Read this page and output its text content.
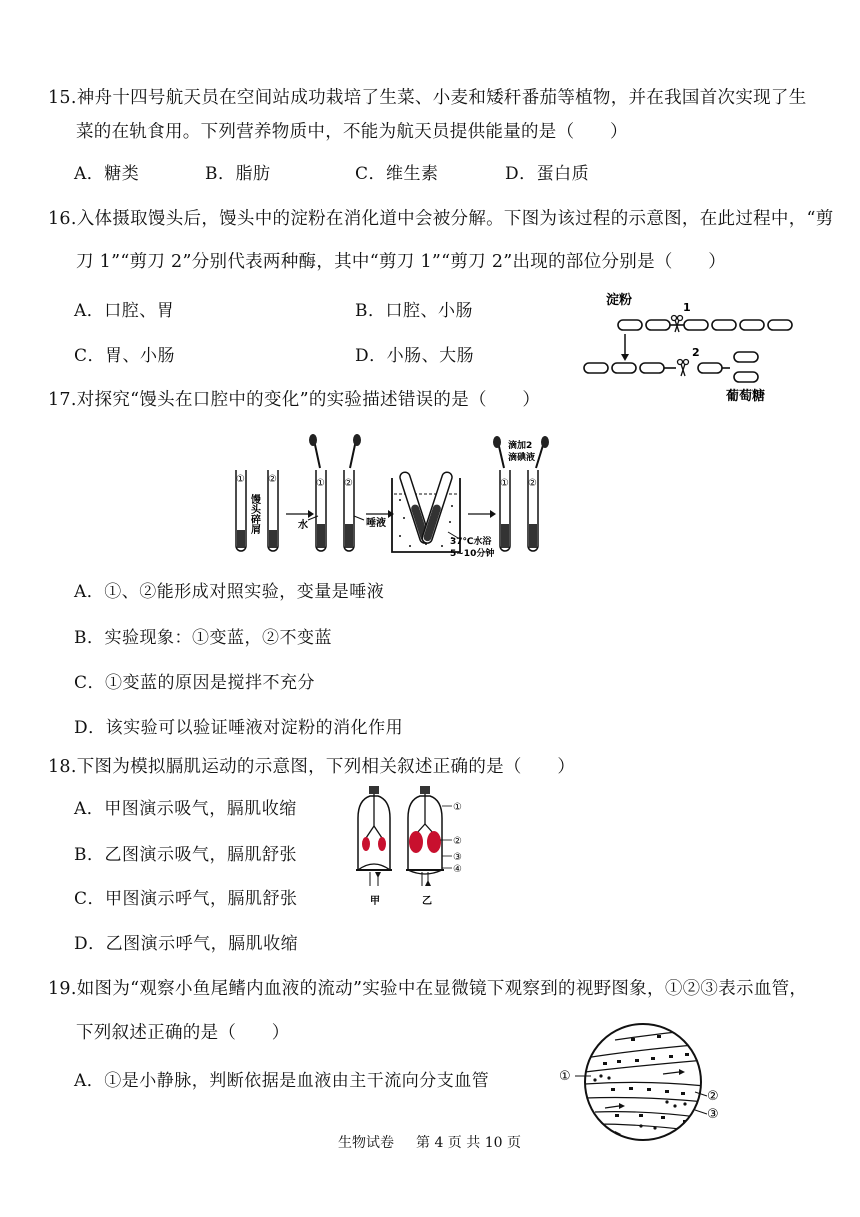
15.神舟十四号航天员在空间站成功栽培了生菜、小麦和矮秆番茄等植物，并在我国首次实现了生
菜的在轨食用。下列营养物质中，不能为航天员提供能量的是（　　）
A．糖类	B．脂肪	C．维生素	D．蛋白质
16.入体摄取馒头后，馒头中的淀粉在消化道中会被分解。下图为该过程的示意图，在此过程中，“剪
刀 1”“剪刀 2”分别代表两种酶，其中“剪刀 1”“剪刀 2”出现的部位分别是（　　）
A．口腔、胃	B．口腔、小肠
C．胃、小肠	D．小肠、大肠
淀粉	1
2
葡萄糖
17.对探究“馒头在口腔中的变化”的实验描述错误的是（　　）
① ②
馒头碎屑
① ②
水	唾液
37℃水浴
5~10分钟
① ②
滴加2
滴碘液
A．①、②能形成对照实验，变量是唾液
B．实验现象：①变蓝，②不变蓝
C．①变蓝的原因是搅拌不充分
D．该实验可以验证唾液对淀粉的消化作用
18.下图为模拟膈肌运动的示意图，下列相关叙述正确的是（　　）
A．甲图演示吸气，膈肌收缩
B．乙图演示吸气，膈肌舒张
C．甲图演示呼气，膈肌舒张
D．乙图演示呼气，膈肌收缩
甲	乙
①
②
③
④
19.如图为“观察小鱼尾鳍内血液的流动”实验中在显微镜下观察到的视野图象，①②③表示血管，
下列叙述正确的是（　　）
A．①是小静脉，判断依据是血液由主干流向分支血管	①
②
③
生物试卷 第 4 页 共 10 页
